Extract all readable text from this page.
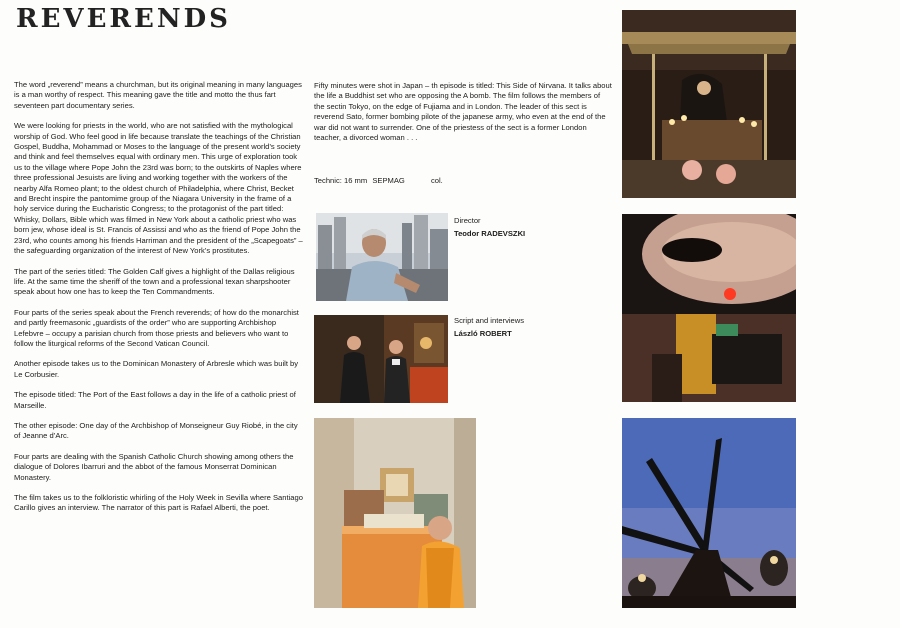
REVERENDS

The word „reverend” means a churchman, but its original meaning in many languages is a man worthy of respect. This meaning gave the title and motto the thus fart seventeen part documentary series.

We were looking for priests in the world, who are not satisfied with the mythological worship of God. Who feel good in life because translate the teachings of the Christian Gospel, Buddha, Mohammad or Moses to the language of the present world’s society and think and feel themselves equal with ordinary men. This urge of exploration took us to the village where Pope John the 23rd was born; to the outskirts of Naples where three professional Jesuists are living and working together with the workers of the nearby Alfa Romeo plant; to the oldest church of Philadelphia, where Christ, Becket and Brecht inspire the pantomime group of the Niagara University in the frame of a holy service during the Eucharistic Congress; to the protagonist of the part titled: Whisky, Dollars, Bible which was filmed in New York about a catholic priest who was born jew, whose ideal is St. Francis of Assissi and who as the friend of Pope John the 23rd, who counts among his friends Harriman and the president of the „Scapegoats” – the safeguarding organization of the interest of New York’s prostitutes.

The part of the series titled: The Golden Calf gives a highlight of the Dallas religious life. At the same time the sheriff of the town and a professional texan sharpshooter speak about how one has to keep the Ten Commandments.

Four parts of the series speak about the French reverends; of how do the monarchist and partly freemasonic „guardists of the order” who are supporting Archbishop Lefebvre – occupy a parisian church from those priests and believers who want to follow the liturgical reforms of the Second Vatican Council.

Another episode takes us to the Dominican Monastery of Arbresle which was built by Le Corbusier.

The episode titled: The Port of the East follows a day in the life of a catholic priest of Marseille.

The other episode: One day of the Archbishop of Monseigneur Guy Riobé, in the city of Jeanne d’Arc.

Four parts are dealing with the Spanish Catholic Church showing among others the dialogue of Dolores Ibarruri and the abbot of the famous Monserrat Dominican Monastery.

The film takes us to the folkloristic whirling of the Holy Week in Sevilla where Santiago Carillo gives an interview. The narrator of this part is Rafael Alberti, the poet.

Fifty minutes were shot in Japan – th episode is titled: This Side of Nirvana. It talks about the life a Buddhist set who are opposing the A bomb. The film follows the members of the sectin Tokyo, on the edge of Fujiama and in London. The leader of this sect is reverend Sato, former bombing pilote of the japanese army, who even at the end of the war did not want to surrender. One of the priestess of the sect is a former London teacher, a divorced woman . . .

Technic: 16 mm SEPMAG	col.
Director
Teodor RADEVSZKI
Script and interviews
László ROBERT
